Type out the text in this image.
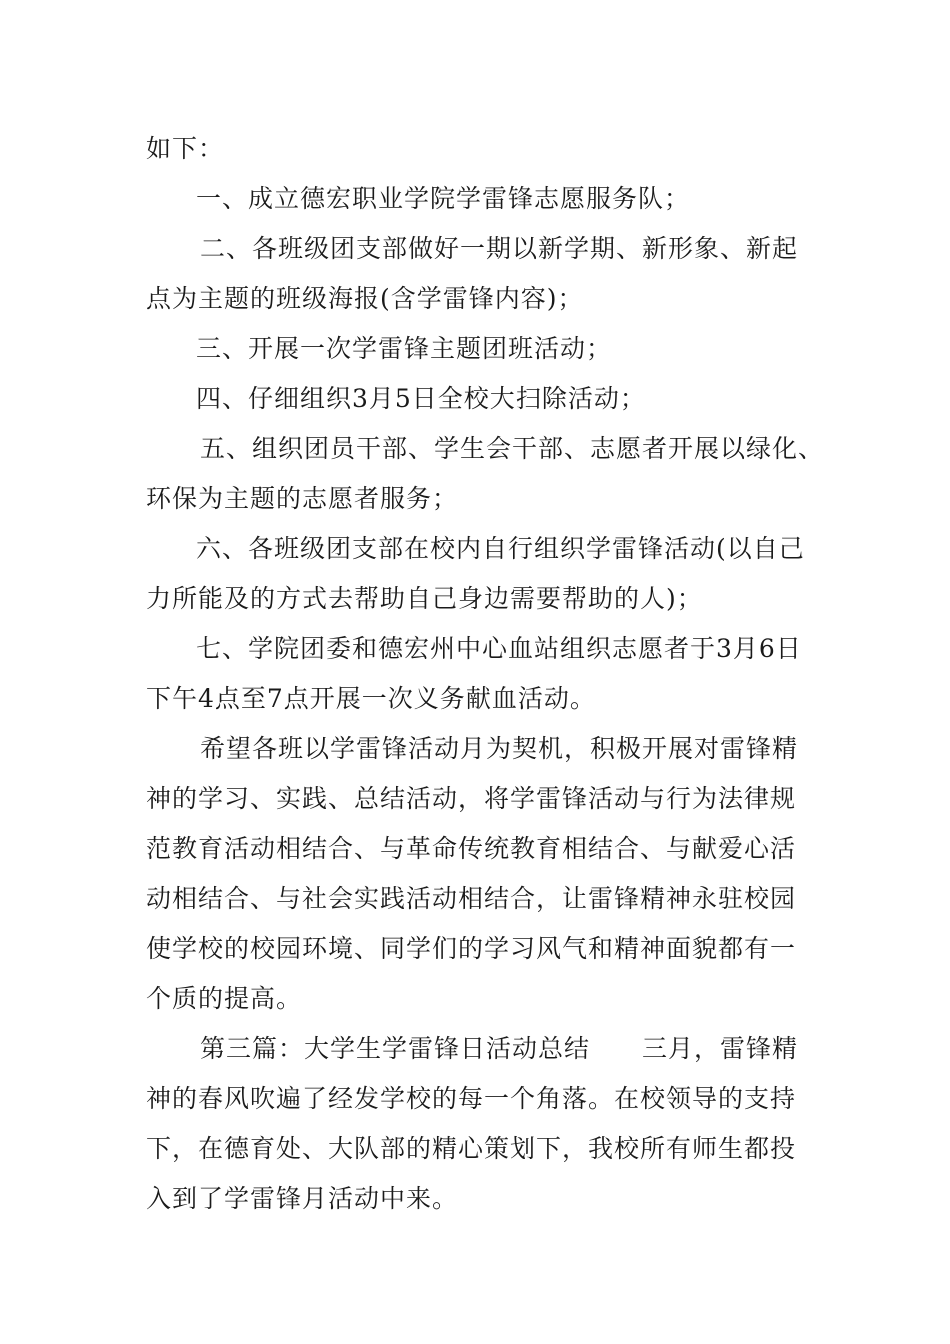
如下：
一、成立德宏职业学院学雷锋志愿服务队；
二、各班级团支部做好一期以新学期、新形象、新起
点为主题的班级海报(含学雷锋内容)；
三、开展一次学雷锋主题团班活动；
四、仔细组织3月5日全校大扫除活动；
五、组织团员干部、学生会干部、志愿者开展以绿化、
环保为主题的志愿者服务；
六、各班级团支部在校内自行组织学雷锋活动(以自己
力所能及的方式去帮助自己身边需要帮助的人)；
七、学院团委和德宏州中心血站组织志愿者于3月6日
下午4点至7点开展一次义务献血活动。
希望各班以学雷锋活动月为契机，积极开展对雷锋精
神的学习、实践、总结活动，将学雷锋活动与行为法律规
范教育活动相结合、与革命传统教育相结合、与献爱心活
动相结合、与社会实践活动相结合，让雷锋精神永驻校园
使学校的校园环境、同学们的学习风气和精神面貌都有一
个质的提高。
第三篇：大学生学雷锋日活动总结 三月，雷锋精
神的春风吹遍了经发学校的每一个角落。在校领导的支持
下，在德育处、大队部的精心策划下，我校所有师生都投
入到了学雷锋月活动中来。
